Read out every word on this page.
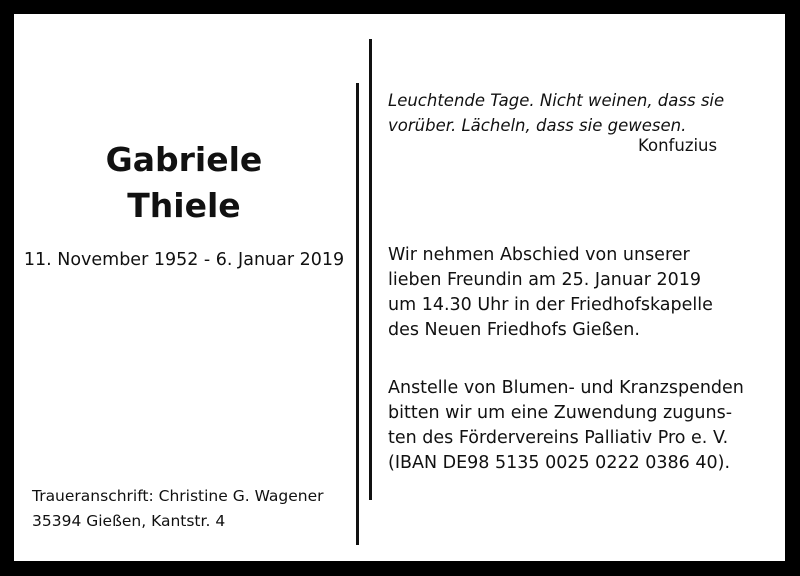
Gabriele
Thiele
11. November 1952 - 6. Januar 2019
Traueranschrift: Christine G. Wagener
35394 Gießen, Kantstr. 4
Leuchtende Tage. Nicht weinen, dass sie
vorüber. Lächeln, dass sie gewesen.
Konfuzius
Wir nehmen Abschied von unserer
lieben Freundin am 25. Januar 2019
um 14.30 Uhr in der Friedhofskapelle
des Neuen Friedhofs Gießen.
Anstelle von Blumen- und Kranzspenden
bitten wir um eine Zuwendung zuguns-
ten des Fördervereins Palliativ Pro e. V.
(IBAN DE98 5135 0025 0222 0386 40).
